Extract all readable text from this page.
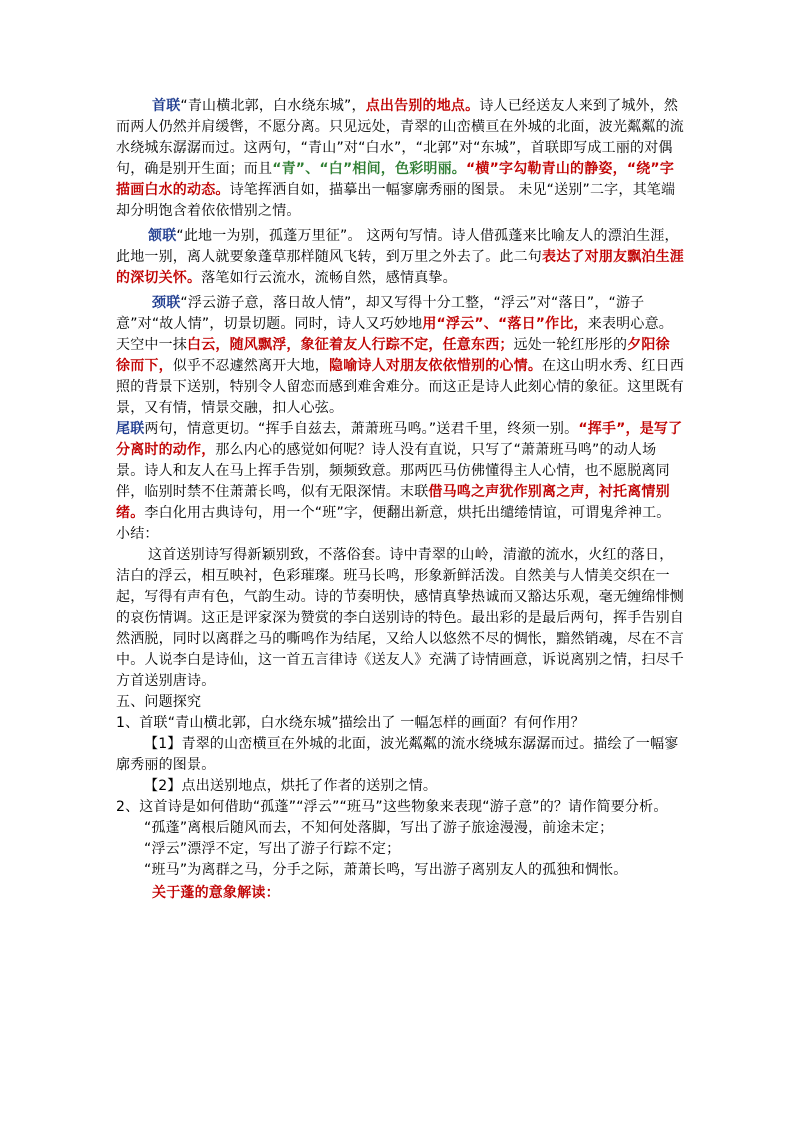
首联“青山横北郭，白水绕东城”，点出告别的地点。诗人已经送友人来到了城外，然而两人仍然并肩缓辔，不愿分离。只见远处，青翠的山峦横亘在外城的北面，波光粼粼的流水绕城东潺潺而过。这两句，“青山”对“白水”，“北郭”对“东城”，首联即写成工丽的对偶句，确是别开生面；而且“青”、“白”相间，色彩明丽。“横”字勾勒青山的静姿，“绕”字描画白水的动态。诗笔挥洒自如，描摹出一幅寥廓秀丽的图景。 未见“送别”二字，其笔端却分明饱含着依依惜别之情。

颔联“此地一为别，孤蓬万里征”。 这两句写情。诗人借孤蓬来比喻友人的漂泊生涯，此地一别，离人就要象蓬草那样随风飞转，到万里之外去了。此二句表达了对朋友飘泊生涯的深切关怀。落笔如行云流水，流畅自然，感情真挚。

颈联“浮云游子意，落日故人情”，却又写得十分工整，“浮云”对“落日”，“游子意”对“故人情”，切景切题。同时，诗人又巧妙地用“浮云”、“落日”作比，来表明心意。天空中一抹白云，随风飘浮，象征着友人行踪不定，任意东西；远处一轮红彤彤的夕阳徐徐而下，似乎不忍遽然离开大地，隐喻诗人对朋友依依惜别的心情。在这山明水秀、红日西照的背景下送别，特别令人留恋而感到难舍难分。而这正是诗人此刻心情的象征。这里既有景，又有情，情景交融，扣人心弦。

尾联两句，情意更切。“挥手自兹去，萧萧班马鸣。”送君千里，终须一别。“挥手”，是写了分离时的动作，那么内心的感觉如何呢？诗人没有直说，只写了“萧萧班马鸣”的动人场景。诗人和友人在马上挥手告别，频频致意。那两匹马仿佛懂得主人心情，也不愿脱离同伴，临别时禁不住萧萧长鸣，似有无限深情。末联借马鸣之声犹作别离之声，衬托离情别绪。李白化用古典诗句，用一个“班”字，便翻出新意，烘托出缱绻情谊，可谓鬼斧神工。

小结：

这首送别诗写得新颖别致，不落俗套。诗中青翠的山岭，清澈的流水，火红的落日，洁白的浮云，相互映衬，色彩璀璨。班马长鸣，形象新鲜活泼。自然美与人情美交织在一起，写得有声有色，气韵生动。诗的节奏明快，感情真挚热诚而又豁达乐观，毫无缠绵悱恻的哀伤情调。这正是评家深为赞赏的李白送别诗的特色。最出彩的是最后两句，挥手告别自然洒脱，同时以离群之马的嘶鸣作为结尾，又给人以悠然不尽的惆怅，黯然销魂，尽在不言中。人说李白是诗仙，这一首五言律诗《送友人》充满了诗情画意，诉说离别之情，扫尽千方首送别唐诗。

五、问题探究

1、首联“青山横北郭，白水绕东城”描绘出了 一幅怎样的画面？有何作用？

【1】青翠的山峦横亘在外城的北面，波光粼粼的流水绕城东潺潺而过。描绘了一幅寥廓秀丽的图景。

【2】点出送别地点，烘托了作者的送别之情。

2、这首诗是如何借助“孤蓬”“浮云”“班马”这些物象来表现“游子意”的？请作简要分析。

“孤蓬”离根后随风而去，不知何处落脚，写出了游子旅途漫漫，前途未定；

“浮云”漂浮不定，写出了游子行踪不定；

“班马”为离群之马，分手之际，萧萧长鸣，写出游子离别友人的孤独和惆怅。

关于蓬的意象解读：
